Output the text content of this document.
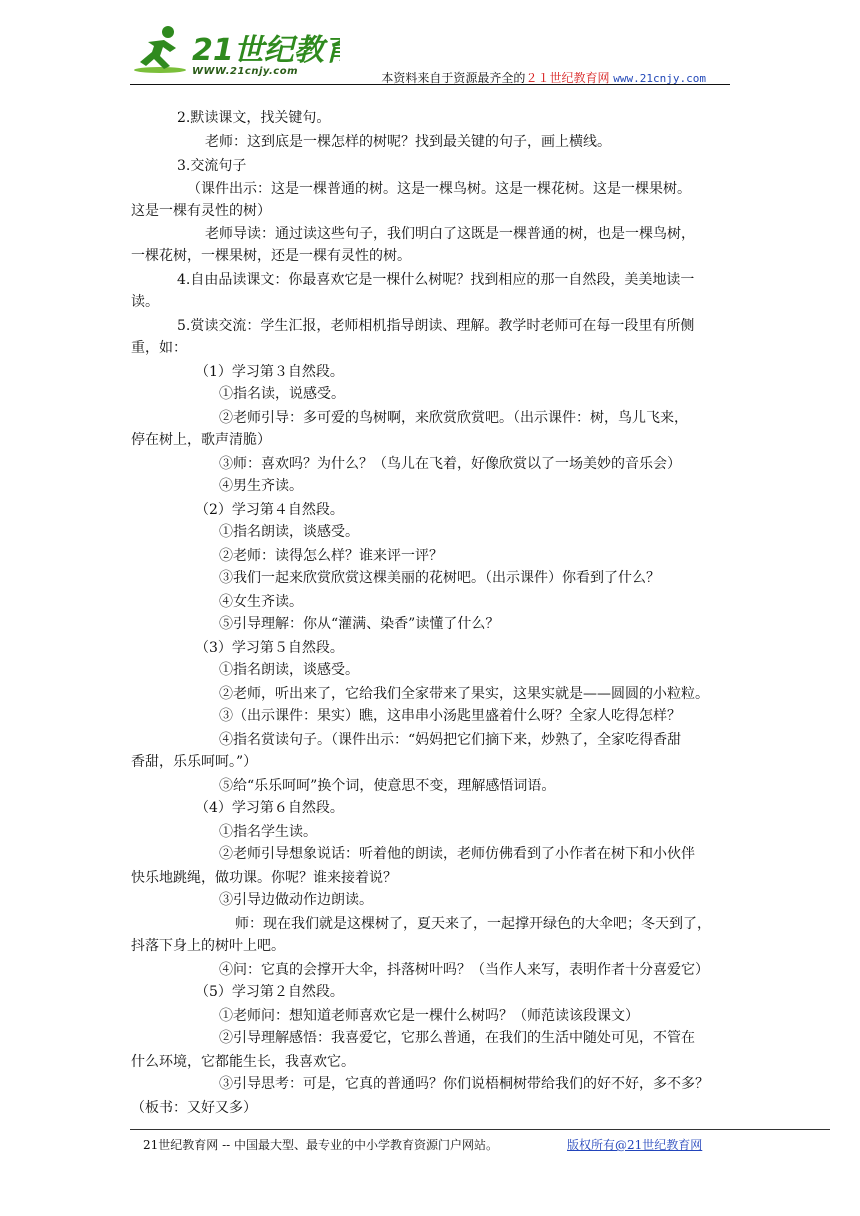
21世纪教育
WWW.21cnjy.com	本资料来自于资源最齐全的２１世纪教育网 www.21cnjy.com
2.默读课文，找关键句。
老师：这到底是一棵怎样的树呢？找到最关键的句子，画上横线。
3.交流句子
（课件出示：这是一棵普通的树。这是一棵鸟树。这是一棵花树。这是一棵果树。
这是一棵有灵性的树）
老师导读：通过读这些句子，我们明白了这既是一棵普通的树，也是一棵鸟树，
一棵花树，一棵果树，还是一棵有灵性的树。
4.自由品读课文：你最喜欢它是一棵什么树呢？找到相应的那一自然段，美美地读一
读。
5.赏读交流：学生汇报，老师相机指导朗读、理解。教学时老师可在每一段里有所侧
重，如：
（1）学习第３自然段。
①指名读，说感受。
②老师引导：多可爱的鸟树啊，来欣赏欣赏吧。（出示课件：树，鸟儿飞来，
停在树上，歌声清脆）
③师：喜欢吗？为什么？（鸟儿在飞着，好像欣赏以了一场美妙的音乐会）
④男生齐读。
（2）学习第４自然段。
①指名朗读，谈感受。
②老师：读得怎么样？谁来评一评？
③我们一起来欣赏欣赏这棵美丽的花树吧。（出示课件）你看到了什么？
④女生齐读。
⑤引导理解：你从“灌满、染香”读懂了什么？
（3）学习第５自然段。
①指名朗读，谈感受。
②老师，听出来了，它给我们全家带来了果实，这果实就是——圆圆的小粒粒。
③（出示课件：果实）瞧，这串串小汤匙里盛着什么呀？全家人吃得怎样？
④指名赏读句子。（课件出示：“妈妈把它们摘下来，炒熟了，全家吃得香甜
香甜，乐乐呵呵。”）
⑤给“乐乐呵呵”换个词，使意思不变，理解感悟词语。
（4）学习第６自然段。
①指名学生读。
②老师引导想象说话：听着他的朗读，老师仿佛看到了小作者在树下和小伙伴
快乐地跳绳，做功课。你呢？谁来接着说？
③引导边做动作边朗读。
师：现在我们就是这棵树了，夏天来了，一起撑开绿色的大伞吧；冬天到了，
抖落下身上的树叶上吧。
④问：它真的会撑开大伞，抖落树叶吗？（当作人来写，表明作者十分喜爱它）
（5）学习第２自然段。
①老师问：想知道老师喜欢它是一棵什么树吗？（师范读该段课文）
②引导理解感悟：我喜爱它，它那么普通，在我们的生活中随处可见，不管在
什么环境，它都能生长，我喜欢它。
③引导思考：可是，它真的普通吗？你们说梧桐树带给我们的好不好，多不多？
（板书：又好又多）
21世纪教育网 -- 中国最大型、最专业的中小学教育资源门户网站。	版权所有@21世纪教育网
